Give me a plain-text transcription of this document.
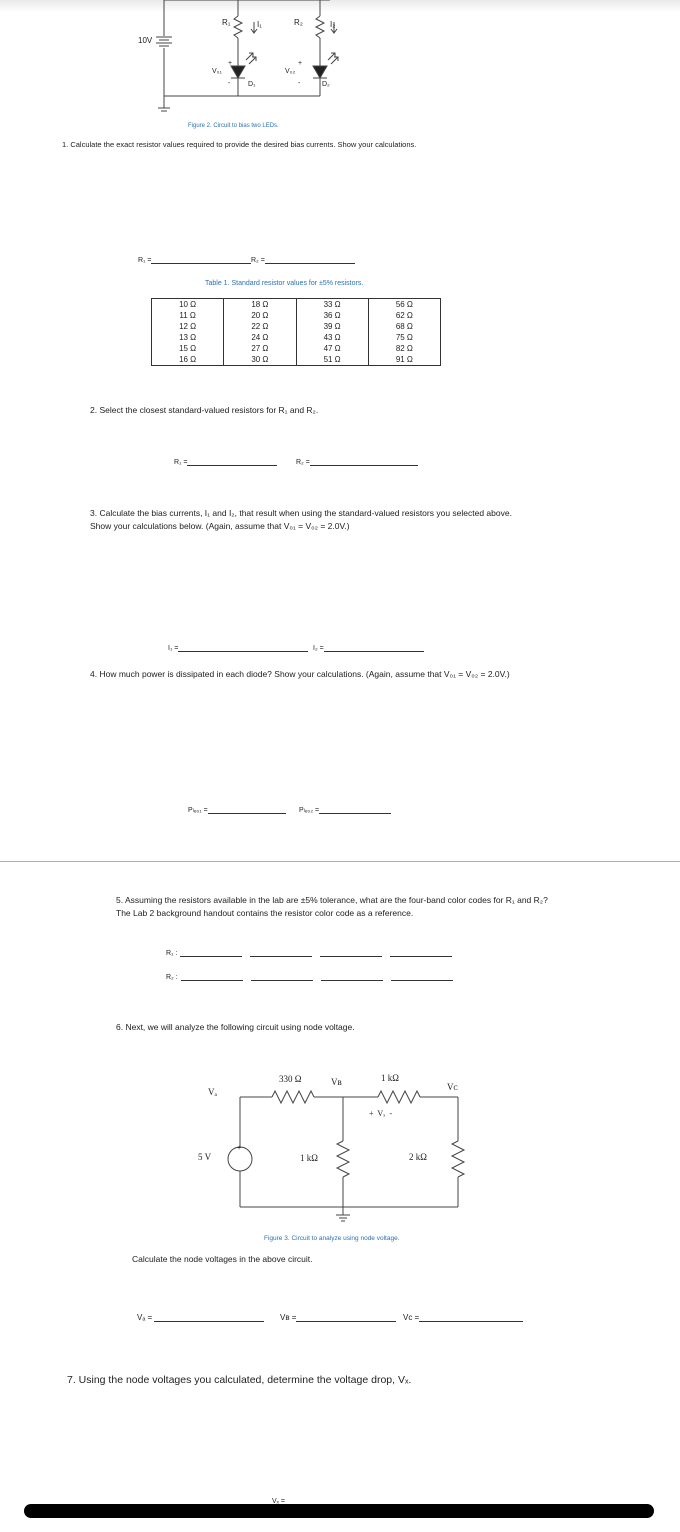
10V
R₁	I₁	R₂	I₂
+
V₀₁
-	D₁
+
V₀₂
-	D₂
Figure 2. Circuit to bias two LEDs.
1. Calculate the exact resistor values required to provide the desired bias currents. Show your calculations.
R₁ =	R₂ =
Table 1. Standard resistor values for ±5% resistors.
10 Ω	18 Ω	33 Ω	56 Ω
11 Ω	20 Ω	36 Ω	62 Ω
12 Ω	22 Ω	39 Ω	68 Ω
13 Ω	24 Ω	43 Ω	75 Ω
15 Ω	27 Ω	47 Ω	82 Ω
16 Ω	30 Ω	51 Ω	91 Ω
2. Select the closest standard-valued resistors for R₁ and R₂.
R₁ =	R₂ =
3. Calculate the bias currents, I₁ and I₂, that result when using the standard-valued resistors you selected above. Show your calculations below. (Again, assume that V₀₁ = V₀₂ = 2.0V.)
I₁ =	I₂ =
4. How much power is dissipated in each diode? Show your calculations. (Again, assume that V₀₁ = V₀₂ = 2.0V.)
Pₗₑ₀₁ =	Pₗₑ₀₂ =
5. Assuming the resistors available in the lab are ±5% tolerance, what are the four-band color codes for R₁ and R₂? The Lab 2 background handout contains the resistor color code as a reference.
R₁ :
R₂ :
6. Next, we will analyze the following circuit using node voltage.
Vₐ
330 Ω	Vʙ	1 kΩ
Vᴄ
+  Vₓ  -
5 V
+
1 kΩ	2 kΩ
Figure 3. Circuit to analyze using node voltage.
Calculate the node voltages in the above circuit.
Vₐ =	Vʙ =	Vᴄ =
7. Using the node voltages you calculated, determine the voltage drop, Vₓ.
Vₓ =
